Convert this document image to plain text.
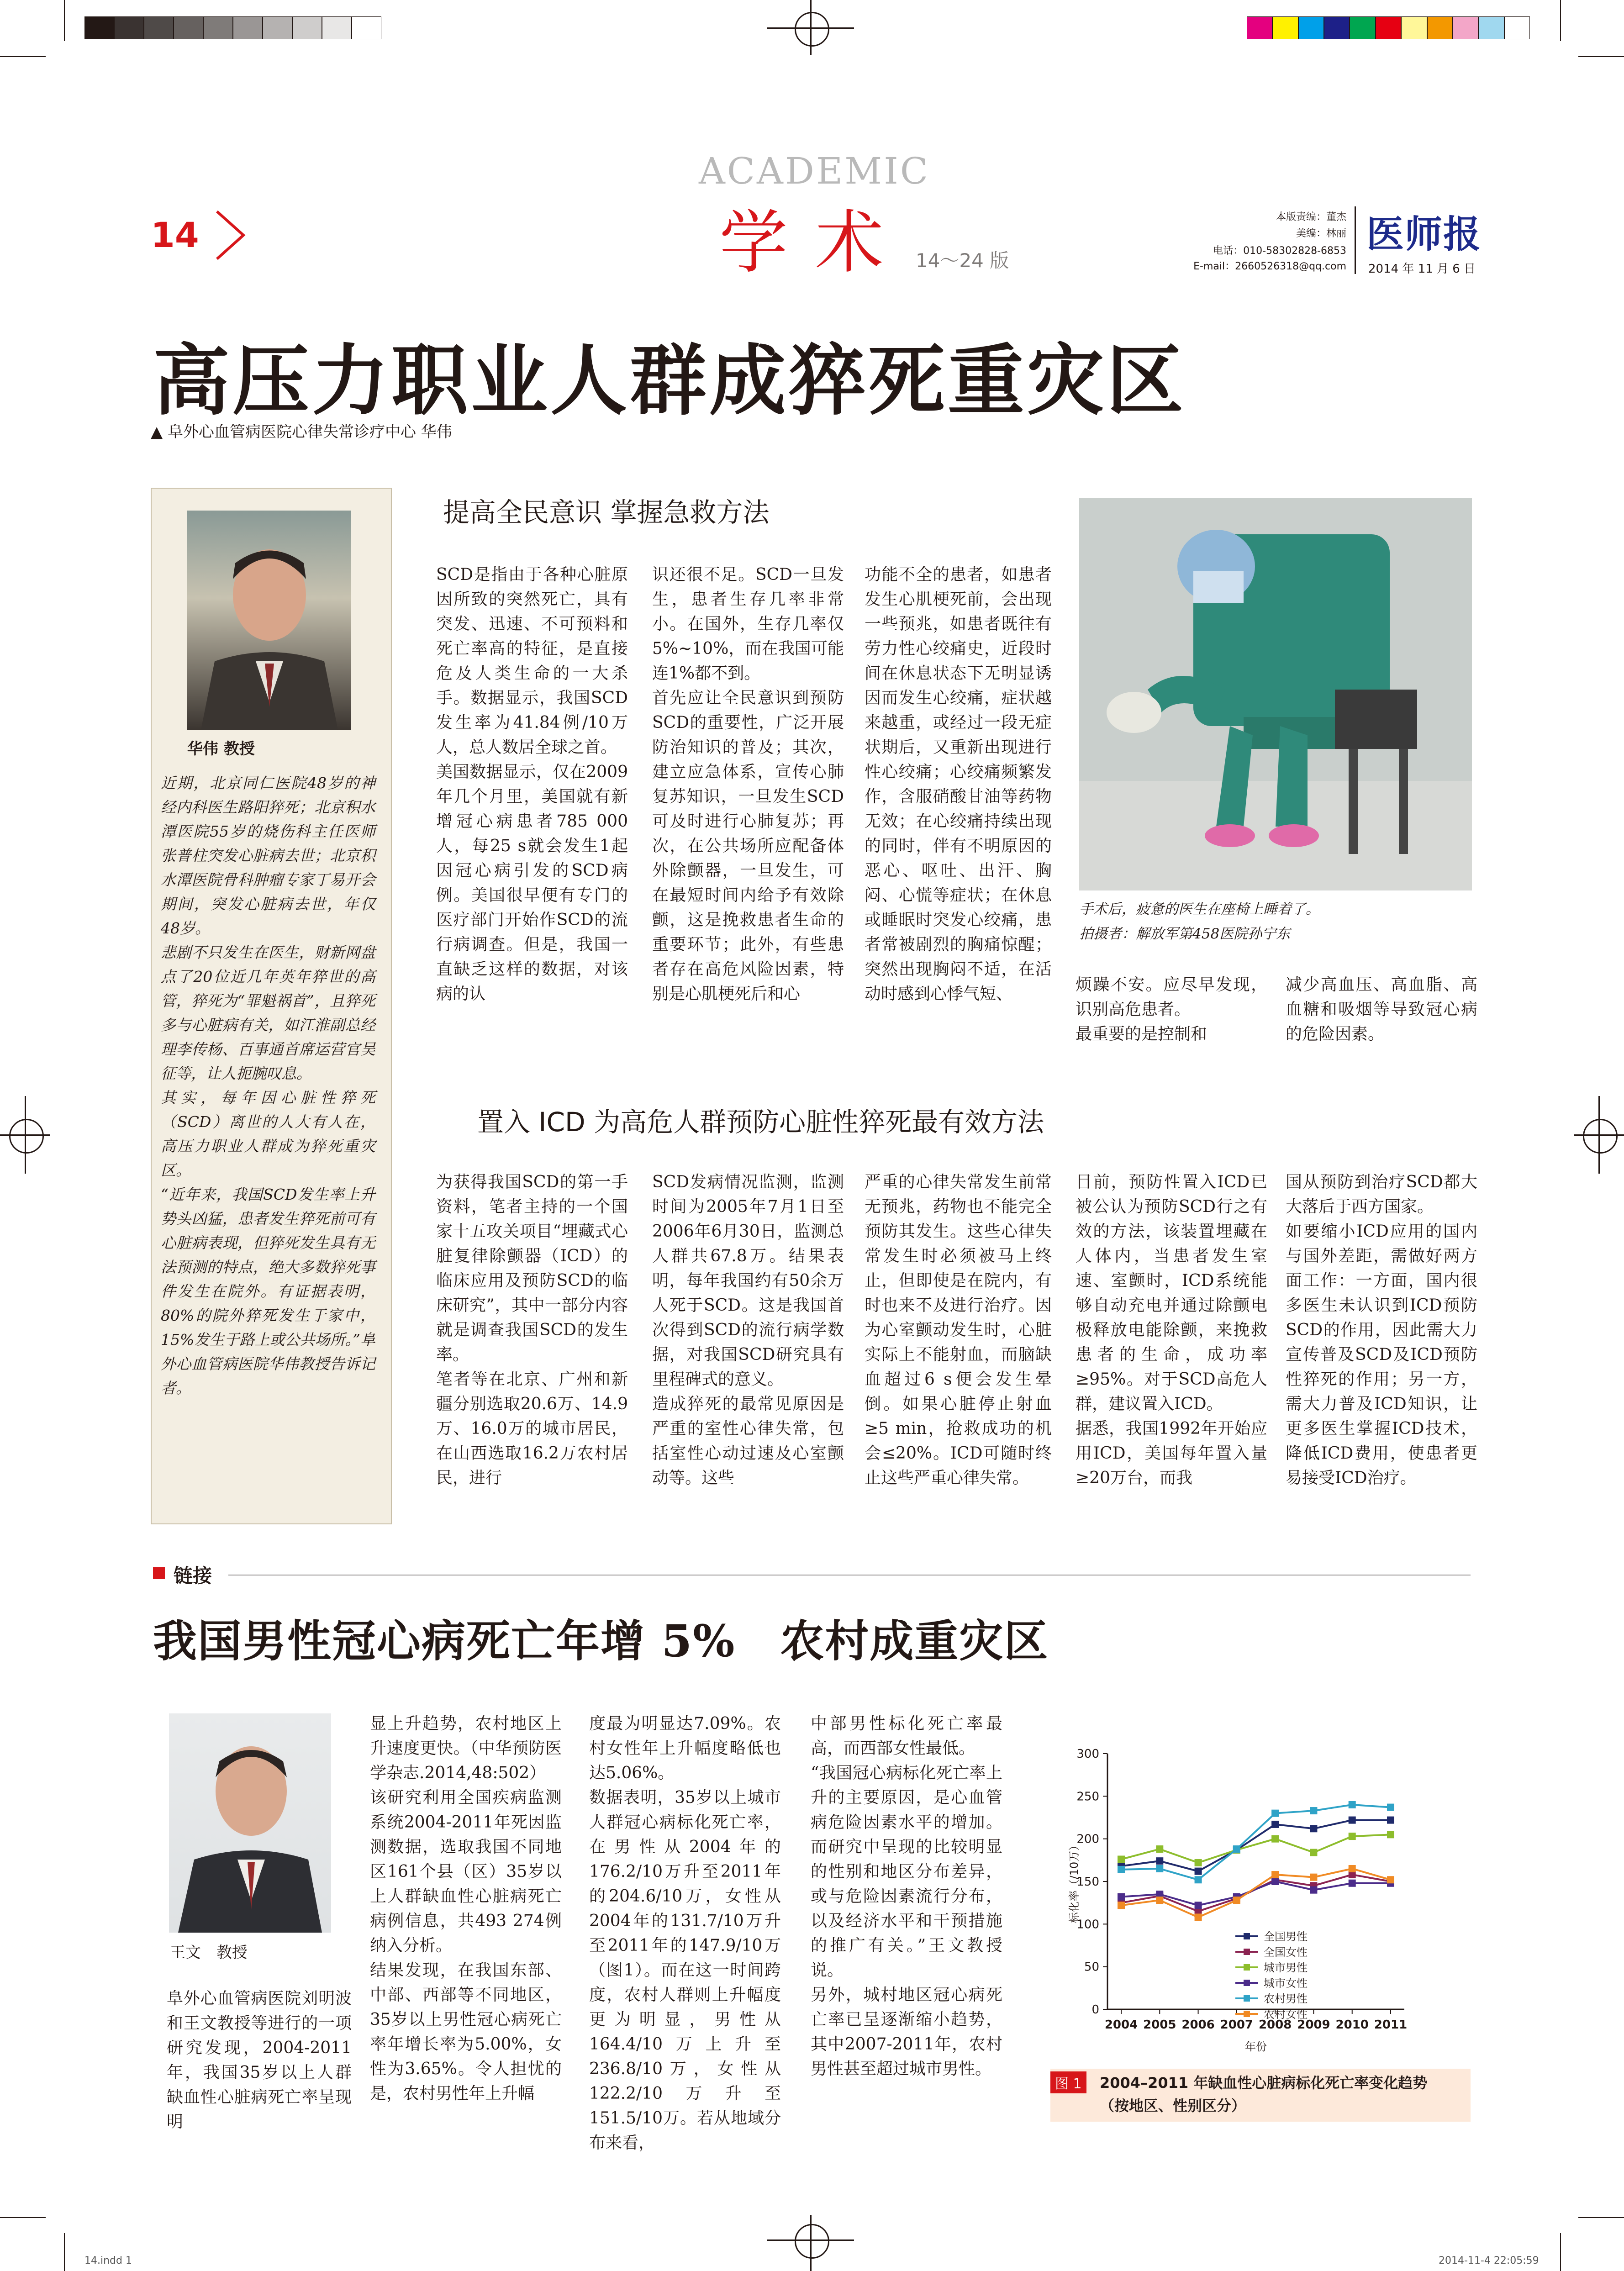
14.indd 1	2014-11-4 22:05:59
14
ACADEMIC
学 术 14～24 版
本版责编：董杰
美编：林丽
电话：010-58302828-6853
E-mail：2660526318@qq.com
医师报
2014 年 11 月 6 日
高压力职业人群成猝死重灾区
▲ 阜外心血管病医院心律失常诊疗中心 华伟
华伟 教授
近期，北京同仁医院48岁的神经内科医生路阳猝死；北京积水潭医院55岁的烧伤科主任医师张普柱突发心脏病去世；北京积水潭医院骨科肿瘤专家丁易开会期间，突发心脏病去世，年仅48岁。
悲剧不只发生在医生，财新网盘点了20位近几年英年猝世的高管，猝死为“罪魁祸首”，且猝死多与心脏病有关，如江淮副总经理李传杨、百事通首席运营官吴征等，让人扼腕叹息。
其实，每年因心脏性猝死（SCD）离世的人大有人在，高压力职业人群成为猝死重灾区。
“近年来，我国SCD发生率上升势头凶猛，患者发生猝死前可有心脏病表现，但猝死发生具有无法预测的特点，绝大多数猝死事件发生在院外。有证据表明，80%的院外猝死发生于家中，15%发生于路上或公共场所。”阜外心血管病医院华伟教授告诉记者。
提高全民意识 掌握急救方法
SCD是指由于各种心脏原因所致的突然死亡，具有突发、迅速、不可预料和死亡率高的特征，是直接危及人类生命的一大杀手。数据显示，我国SCD发生率为41.84例/10万人，总人数居全球之首。
美国数据显示，仅在2009年几个月里，美国就有新增冠心病患者785 000人，每25 s就会发生1起因冠心病引发的SCD病例。美国很早便有专门的医疗部门开始作SCD的流行病调查。但是，我国一直缺乏这样的数据，对该病的认
识还很不足。SCD一旦发生，患者生存几率非常小。在国外，生存几率仅5%~10%，而在我国可能连1%都不到。
首先应让全民意识到预防SCD的重要性，广泛开展防治知识的普及；其次，建立应急体系，宣传心肺复苏知识，一旦发生SCD可及时进行心肺复苏；再次，在公共场所应配备体外除颤器，一旦发生，可在最短时间内给予有效除颤，这是挽救患者生命的重要环节；此外，有些患者存在高危风险因素，特别是心肌梗死后和心
功能不全的患者，如患者发生心肌梗死前，会出现一些预兆，如患者既往有劳力性心绞痛史，近段时间在休息状态下无明显诱因而发生心绞痛，症状越来越重，或经过一段无症状期后，又重新出现进行性心绞痛；心绞痛频繁发作，含服硝酸甘油等药物无效；在心绞痛持续出现的同时，伴有不明原因的恶心、呕吐、出汗、胸闷、心慌等症状；在休息或睡眠时突发心绞痛，患者常被剧烈的胸痛惊醒；突然出现胸闷不适，在活动时感到心悸气短、	烦躁不安。应尽早发现，识别高危患者。
最重要的是控制和
减少高血压、高血脂、高血糖和吸烟等导致冠心病的危险因素。
手术后，疲惫的医生在座椅上睡着了。
拍摄者：解放军第458医院孙宁东
置入 ICD 为高危人群预防心脏性猝死最有效方法
为获得我国SCD的第一手资料，笔者主持的一个国家十五攻关项目“埋藏式心脏复律除颤器（ICD）的临床应用及预防SCD的临床研究”，其中一部分内容就是调查我国SCD的发生率。
笔者等在北京、广州和新疆分别选取20.6万、14.9万、16.0万的城市居民，在山西选取16.2万农村居民，进行
SCD发病情况监测，监测时间为2005年7月1日至2006年6月30日，监测总人群共67.8万。结果表明，每年我国约有50余万人死于SCD。这是我国首次得到SCD的流行病学数据，对我国SCD研究具有里程碑式的意义。
造成猝死的最常见原因是严重的室性心律失常，包括室性心动过速及心室颤动等。这些
严重的心律失常发生前常无预兆，药物也不能完全预防其发生。这些心律失常发生时必须被马上终止，但即使是在院内，有时也来不及进行治疗。因为心室颤动发生时，心脏实际上不能射血，而脑缺血超过6 s便会发生晕倒。如果心脏停止射血≥5 min，抢救成功的机会≤20%。ICD可随时终止这些严重心律失常。
目前，预防性置入ICD已被公认为预防SCD行之有效的方法，该装置埋藏在人体内，当患者发生室速、室颤时，ICD系统能够自动充电并通过除颤电极释放电能除颤，来挽救患者的生命，成功率≥95%。对于SCD高危人群，建议置入ICD。
据悉，我国1992年开始应用ICD，美国每年置入量≥20万台，而我
国从预防到治疗SCD都大大落后于西方国家。
如要缩小ICD应用的国内与国外差距，需做好两方面工作：一方面，国内很多医生未认识到ICD预防SCD的作用，因此需大力宣传普及SCD及ICD预防性猝死的作用；另一方，需大力普及ICD知识，让更多医生掌握ICD技术，降低ICD费用，使患者更易接受ICD治疗。
链接
我国男性冠心病死亡年增 5%　农村成重灾区
王文　教授
阜外心血管病医院刘明波和王文教授等进行的一项研究发现，2004-2011年，我国35岁以上人群缺血性心脏病死亡率呈现明
显上升趋势，农村地区上升速度更快。（中华预防医学杂志.2014,48:502）
该研究利用全国疾病监测系统2004-2011年死因监测数据，选取我国不同地区161个县（区）35岁以上人群缺血性心脏病死亡病例信息，共493 274例纳入分析。
结果发现，在我国东部、中部、西部等不同地区，35岁以上男性冠心病死亡率年增长率为5.00%，女性为3.65%。令人担忧的是，农村男性年上升幅
度最为明显达7.09%。农村女性年上升幅度略低也达5.06%。
数据表明，35岁以上城市人群冠心病标化死亡率，在男性从2004年的176.2/10万升至2011年的204.6/10万，女性从2004年的131.7/10万升至2011年的147.9/10万（图1）。而在这一时间跨度，农村人群则上升幅度更为明显，男性从164.4/10万上升至236.8/10万，女性从122.2/10万升至151.5/10万。若从地域分布来看，
中部男性标化死亡率最高，而西部女性最低。
“我国冠心病标化死亡率上升的主要原因，是心血管病危险因素水平的增加。而研究中呈现的比较明显的性别和地区分布差异，或与危险因素流行分布，以及经济水平和干预措施的推广有关。”王文教授说。
另外，城村地区冠心病死亡率已呈逐渐缩小趋势，其中2007-2011年，农村男性甚至超过城市男性。
0
50
100
150
200
250
300
2004 2005 2006 2007 2008 2009 2010 2011
年份
标化率（/10万）
全国男性
全国女性
城市男性
城市女性
农村男性
农村女性
图 1	2004–2011 年缺血性心脏病标化死亡率变化趋势
（按地区、性别区分）
